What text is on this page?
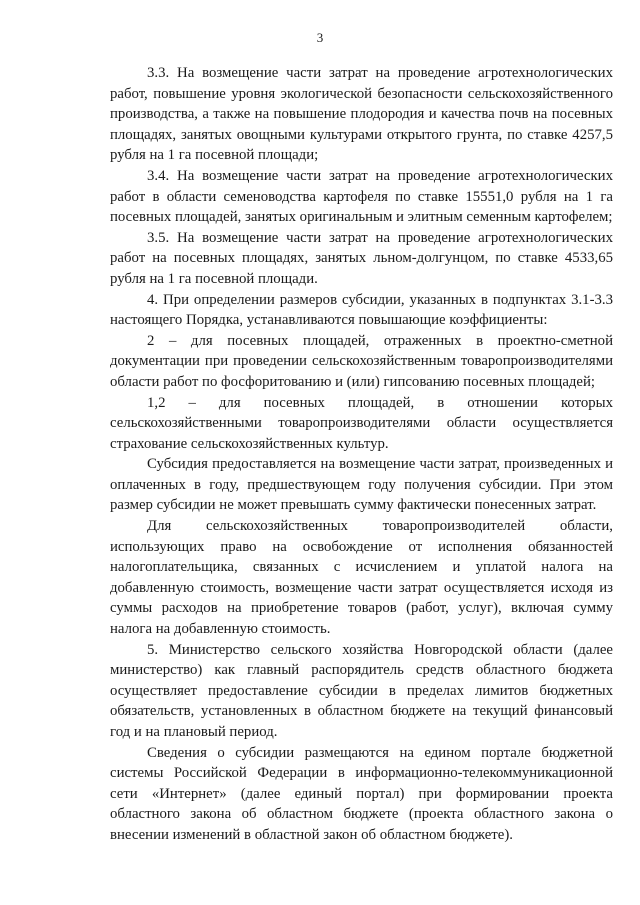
3

3.3. На возмещение части затрат на проведение агротехнологических работ, повышение уровня экологической безопасности сельскохозяйственного производства, а также на повышение плодородия и качества почв на посевных площадях, занятых овощными культурами открытого грунта, по ставке 4257,5 рубля на 1 га посевной площади;

3.4. На возмещение части затрат на проведение агротехнологических работ в области семеноводства картофеля по ставке 15551,0 рубля на 1 га посевных площадей, занятых оригинальным и элитным семенным картофелем;

3.5. На возмещение части затрат на проведение агротехнологических работ на посевных площадях, занятых льном-долгунцом, по ставке 4533,65 рубля на 1 га посевной площади.

4. При определении размеров субсидии, указанных в подпунктах 3.1-3.3 настоящего Порядка, устанавливаются повышающие коэффициенты:

2 – для посевных площадей, отраженных в проектно-сметной документации при проведении сельскохозяйственным товаропроизводителями области работ по фосфоритованию и (или) гипсованию посевных площадей;

1,2 – для посевных площадей, в отношении которых сельскохозяйственными товаропроизводителями области осуществляется страхование сельскохозяйственных культур.

Субсидия предоставляется на возмещение части затрат, произведенных и оплаченных в году, предшествующем году получения субсидии. При этом размер субсидии не может превышать сумму фактически понесенных затрат.

Для сельскохозяйственных товаропроизводителей области, использующих право на освобождение от исполнения обязанностей налогоплательщика, связанных с исчислением и уплатой налога на добавленную стоимость, возмещение части затрат осуществляется исходя из суммы расходов на приобретение товаров (работ, услуг), включая сумму налога на добавленную стоимость.

5. Министерство сельского хозяйства Новгородской области (далее министерство) как главный распорядитель средств областного бюджета осуществляет предоставление субсидии в пределах лимитов бюджетных обязательств, установленных в областном бюджете на текущий финансовый год и на плановый период.

Сведения о субсидии размещаются на едином портале бюджетной системы Российской Федерации в информационно-телекоммуникационной сети «Интернет» (далее единый портал) при формировании проекта областного закона об областном бюджете (проекта областного закона о внесении изменений в областной закон об областном бюджете).
